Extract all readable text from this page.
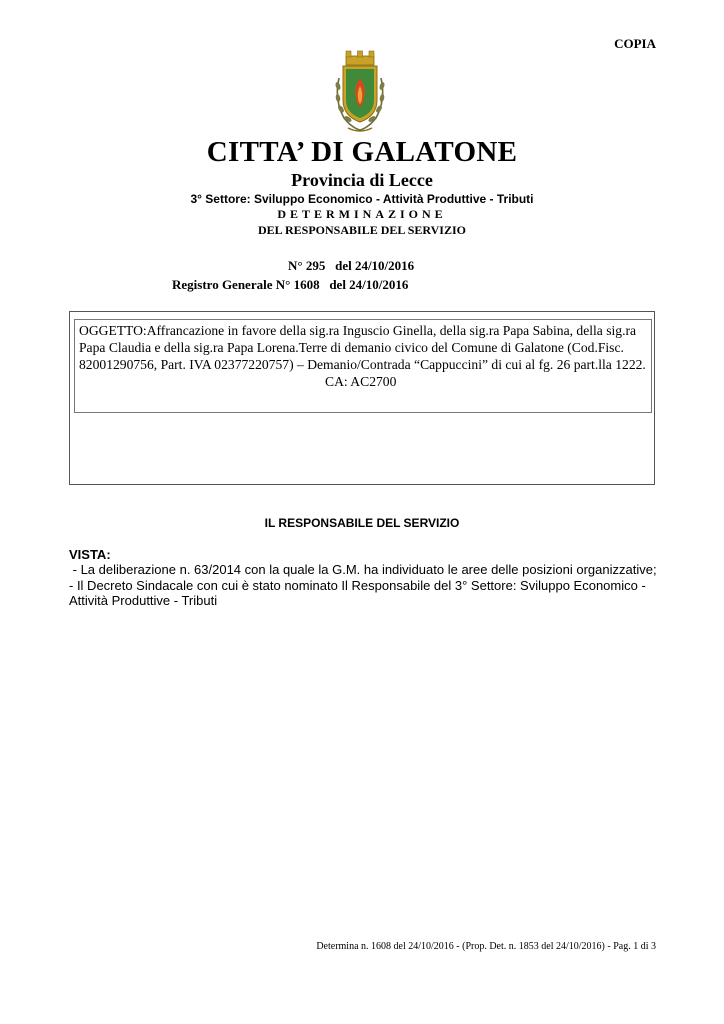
COPIA
CITTA’ DI GALATONE
Provincia di Lecce
3° Settore: Sviluppo Economico - Attività Produttive - Tributi
DETERMINAZIONE
DEL RESPONSABILE DEL SERVIZIO
N° 295   del 24/10/2016
Registro Generale N° 1608   del 24/10/2016
OGGETTO:Affrancazione in favore della sig.ra Inguscio Ginella, della sig.ra Papa Sabina, della sig.ra Papa Claudia e della sig.ra Papa Lorena.Terre di demanio civico del Comune di Galatone (Cod.Fisc. 82001290756, Part. IVA 02377220757) – Demanio/Contrada “Cappuccini” di cui al fg. 26 part.lla 1222.CA: AC2700
IL RESPONSABILE DEL SERVIZIO
VISTA:

- La deliberazione n. 63/2014 con la quale la G.M. ha individuato le aree delle posizioni organizzative;

- Il Decreto Sindacale con cui è stato nominato Il Responsabile del 3° Settore: Sviluppo Economico - Attività Produttive - Tributi

Determina n. 1608 del 24/10/2016 - (Prop. Det. n. 1853 del 24/10/2016) - Pag. 1 di 3
